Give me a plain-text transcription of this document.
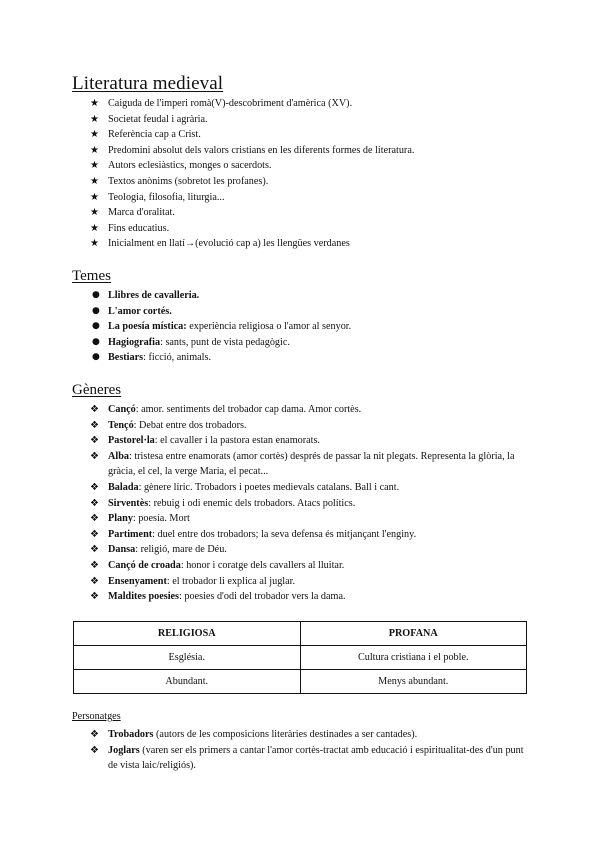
Literatura medieval
★ Caiguda de l'imperi romà(V)-descobriment d'amèrica (XV).
★ Societat feudal i agrària.
★ Referència cap a Crist.
★ Predomini absolut dels valors cristians en les diferents formes de literatura.
★ Autors eclesiàstics, monges o sacerdots.
★ Textos anònims (sobretot les profanes).
★ Teologia, filosofia, liturgia...
★ Marca d'oralitat.
★ Fins educatius.
★ Inicialment en llatí→(evolució cap a) les llengües verdanes
Temes
● Llibres de cavalleria.
● L'amor cortés.
● La poesía mística: experiència religiosa o l'amor al senyor.
● Hagiografia: sants, punt de vista pedagògic.
● Bestiars: ficció, animals.
Gèneres
❖ Cançó: amor. sentiments del trobador cap dama. Amor cortès.
❖ Tençó: Debat entre dos trobadors.
❖ Pastorel·la: el cavaller i la pastora estan enamorats.
❖ Alba: tristesa entre enamorats (amor cortès) després de passar la nit plegats. Representa la glòria, la gràcia, el cel, la verge Maria, el pecat...
❖ Balada: gènere líric. Trobadors i poetes medievals catalans. Ball i cant.
❖ Sirventès: rebuig i odi enemic dels trobadors. Atacs polítics.
❖ Plany: poesía. Mort
❖ Partiment: duel entre dos trobadors; la seva defensa és mitjançant l'enginy.
❖ Dansa: religió, mare de Déu.
❖ Cançó de croada: honor i coratge dels cavallers al lluitar.
❖ Ensenyament: el trobador li explica al juglar.
❖ Maldites poesies: poesies d'odi del trobador vers la dama.
RELIGIOSA	PROFANA
Església.	Cultura cristiana i el poble.
Abundant.	Menys abundant.
Personatges
❖ Trobadors (autors de les composicions literàries destinades a ser cantades).
❖ Joglars (varen ser els primers a cantar l'amor cortès-tractat amb educació i espiritualitat-des d'un punt de vista laic/religiós).
